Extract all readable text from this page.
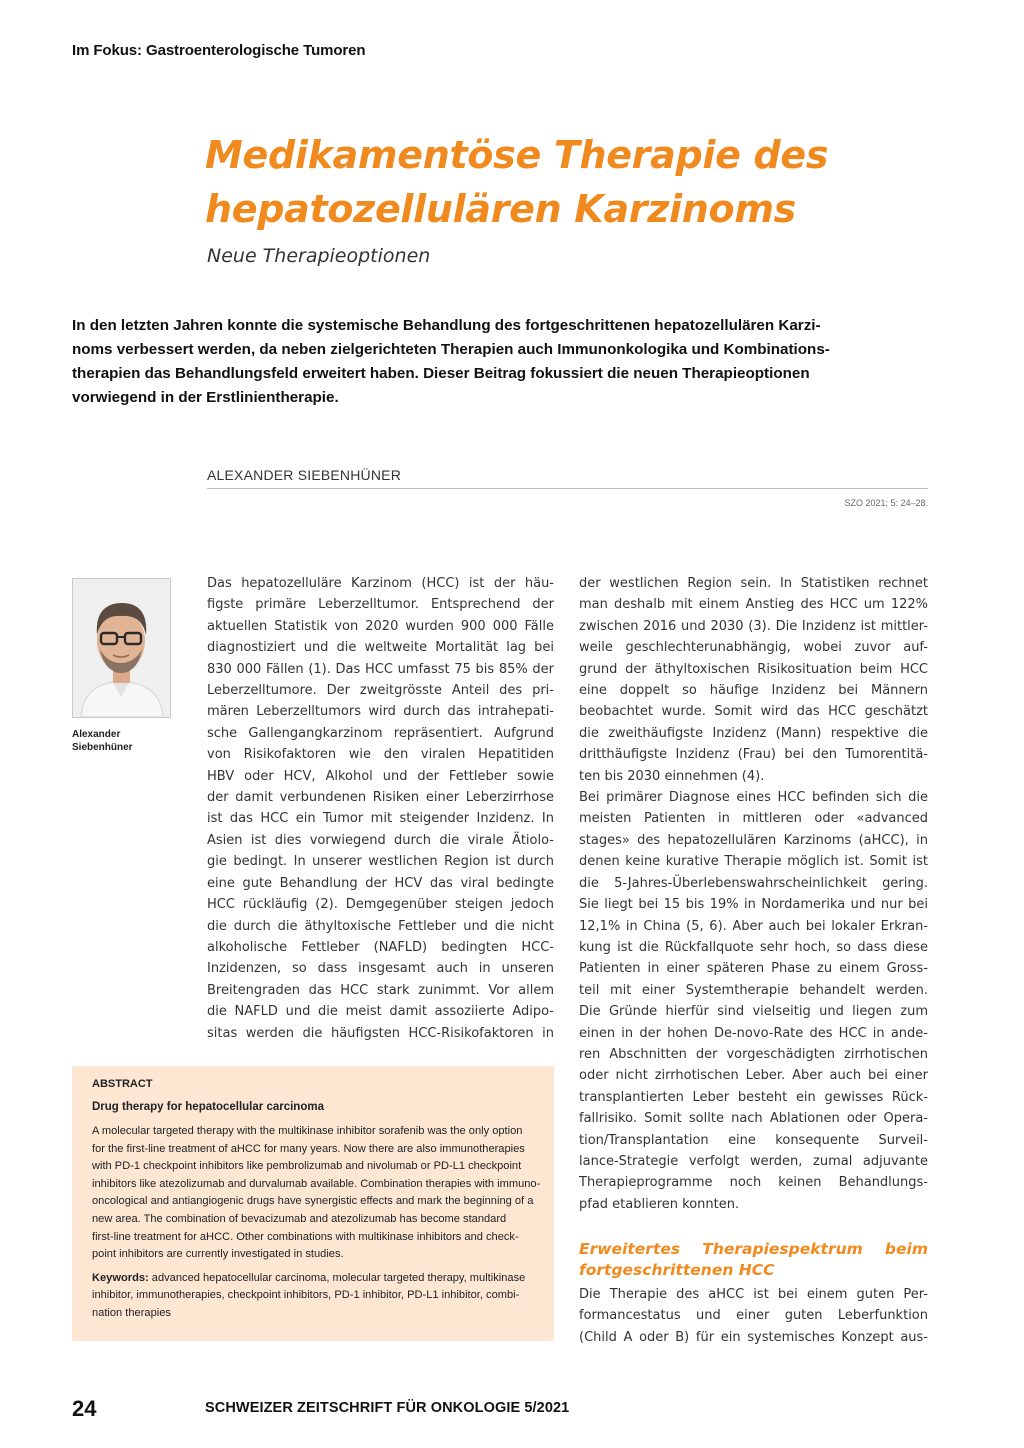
Im Fokus: Gastroenterologische Tumoren
Medikamentöse Therapie des
hepatozellulären Karzinoms
Neue Therapieoptionen

In den letzten Jahren konnte die systemische Behandlung des fortgeschrittenen hepatozellulären Karzi-
noms verbessert werden, da neben zielgerichteten Therapien auch Immunonkologika und Kombinations-
therapien das Behandlungsfeld erweitert haben. Dieser Beitrag fokussiert die neuen Therapieoptionen
vorwiegend in der Erstlinientherapie.

ALEXANDER SIEBENHÜNER
SZO 2021; 5: 24–28.
Alexander
Siebenhüner

Das hepatozelluläre Karzinom (HCC) ist der häu-
figste primäre Leberzelltumor. Entsprechend der
aktuellen Statistik von 2020 wurden 900 000 Fälle
diagnostiziert und die weltweite Mortalität lag bei
830 000 Fällen (1). Das HCC umfasst 75 bis 85% der
Leberzelltumore. Der zweitgrösste Anteil des pri-
mären Leberzelltumors wird durch das intrahepati-
sche Gallengangkarzinom repräsentiert. Aufgrund
von Risikofaktoren wie den viralen Hepatitiden
HBV oder HCV, Alkohol und der Fettleber sowie
der damit verbundenen Risiken einer Leberzirrhose
ist das HCC ein Tumor mit steigender Inzidenz. In
Asien ist dies vorwiegend durch die virale Ätiolo-
gie bedingt. In unserer westlichen Region ist durch
eine gute Behandlung der HCV das viral bedingte
HCC rückläufig (2). Demgegenüber steigen jedoch
die durch die äthyltoxische Fettleber und die nicht
alkoholische Fettleber (NAFLD) bedingten HCC-
Inzidenzen, so dass insgesamt auch in unseren
Breitengraden das HCC stark zunimmt. Vor allem
die NAFLD und die meist damit assoziierte Adipo-
sitas werden die häufigsten HCC-Risikofaktoren in

der westlichen Region sein. In Statistiken rechnet
man deshalb mit einem Anstieg des HCC um 122%
zwischen 2016 und 2030 (3). Die Inzidenz ist mittler-
weile geschlechterunabhängig, wobei zuvor auf-
grund der äthyltoxischen Risikosituation beim HCC
eine doppelt so häufige Inzidenz bei Männern
beobachtet wurde. Somit wird das HCC geschätzt
die zweithäufigste Inzidenz (Mann) respektive die
dritthäufigste Inzidenz (Frau) bei den Tumorentitä-
ten bis 2030 einnehmen (4).
Bei primärer Diagnose eines HCC befinden sich die
meisten Patienten in mittleren oder «advanced
stages» des hepatozellulären Karzinoms (aHCC), in
denen keine kurative Therapie möglich ist. Somit ist
die 5-Jahres-Überlebenswahrscheinlichkeit gering.
Sie liegt bei 15 bis 19% in Nordamerika und nur bei
12,1% in China (5, 6). Aber auch bei lokaler Erkran-
kung ist die Rückfallquote sehr hoch, so dass diese
Patienten in einer späteren Phase zu einem Gross-
teil mit einer Systemtherapie behandelt werden.
Die Gründe hierfür sind vielseitig und liegen zum
einen in der hohen De-novo-Rate des HCC in ande-
ren Abschnitten der vorgeschädigten zirrhotischen
oder nicht zirrhotischen Leber. Aber auch bei einer
transplantierten Leber besteht ein gewisses Rück-
fallrisiko. Somit sollte nach Ablationen oder Opera-
tion/Transplantation eine konsequente Surveil-
lance-Strategie verfolgt werden, zumal adjuvante
Therapieprogramme noch keinen Behandlungs-
pfad etablieren konnten.

Erweitertes Therapiespektrum beim
fortgeschrittenen HCC

Die Therapie des aHCC ist bei einem guten Per-
formancestatus und einer guten Leberfunktion
(Child A oder B) für ein systemisches Konzept aus-

ABSTRACT
Drug therapy for hepatocellular carcinoma

A molecular targeted therapy with the multikinase inhibitor sorafenib was the only option
for the first-line treatment of aHCC for many years. Now there are also immunotherapies
with PD-1 checkpoint inhibitors like pembrolizumab and nivolumab or PD-L1 checkpoint
inhibitors like atezolizumab and durvalumab available. Combination therapies with immuno-
oncological and antiangiogenic drugs have synergistic effects and mark the beginning of a
new area. The combination of bevacizumab and atezolizumab has become standard
first-line treatment for aHCC. Other combinations with multikinase inhibitors and check-
point inhibitors are currently investigated in studies.

Keywords: advanced hepatocellular carcinoma, molecular targeted therapy, multikinase
inhibitor, immunotherapies, checkpoint inhibitors, PD-1 inhibitor, PD-L1 inhibitor, combi-
nation therapies

24	SCHWEIZER ZEITSCHRIFT FÜR ONKOLOGIE 5/2021
